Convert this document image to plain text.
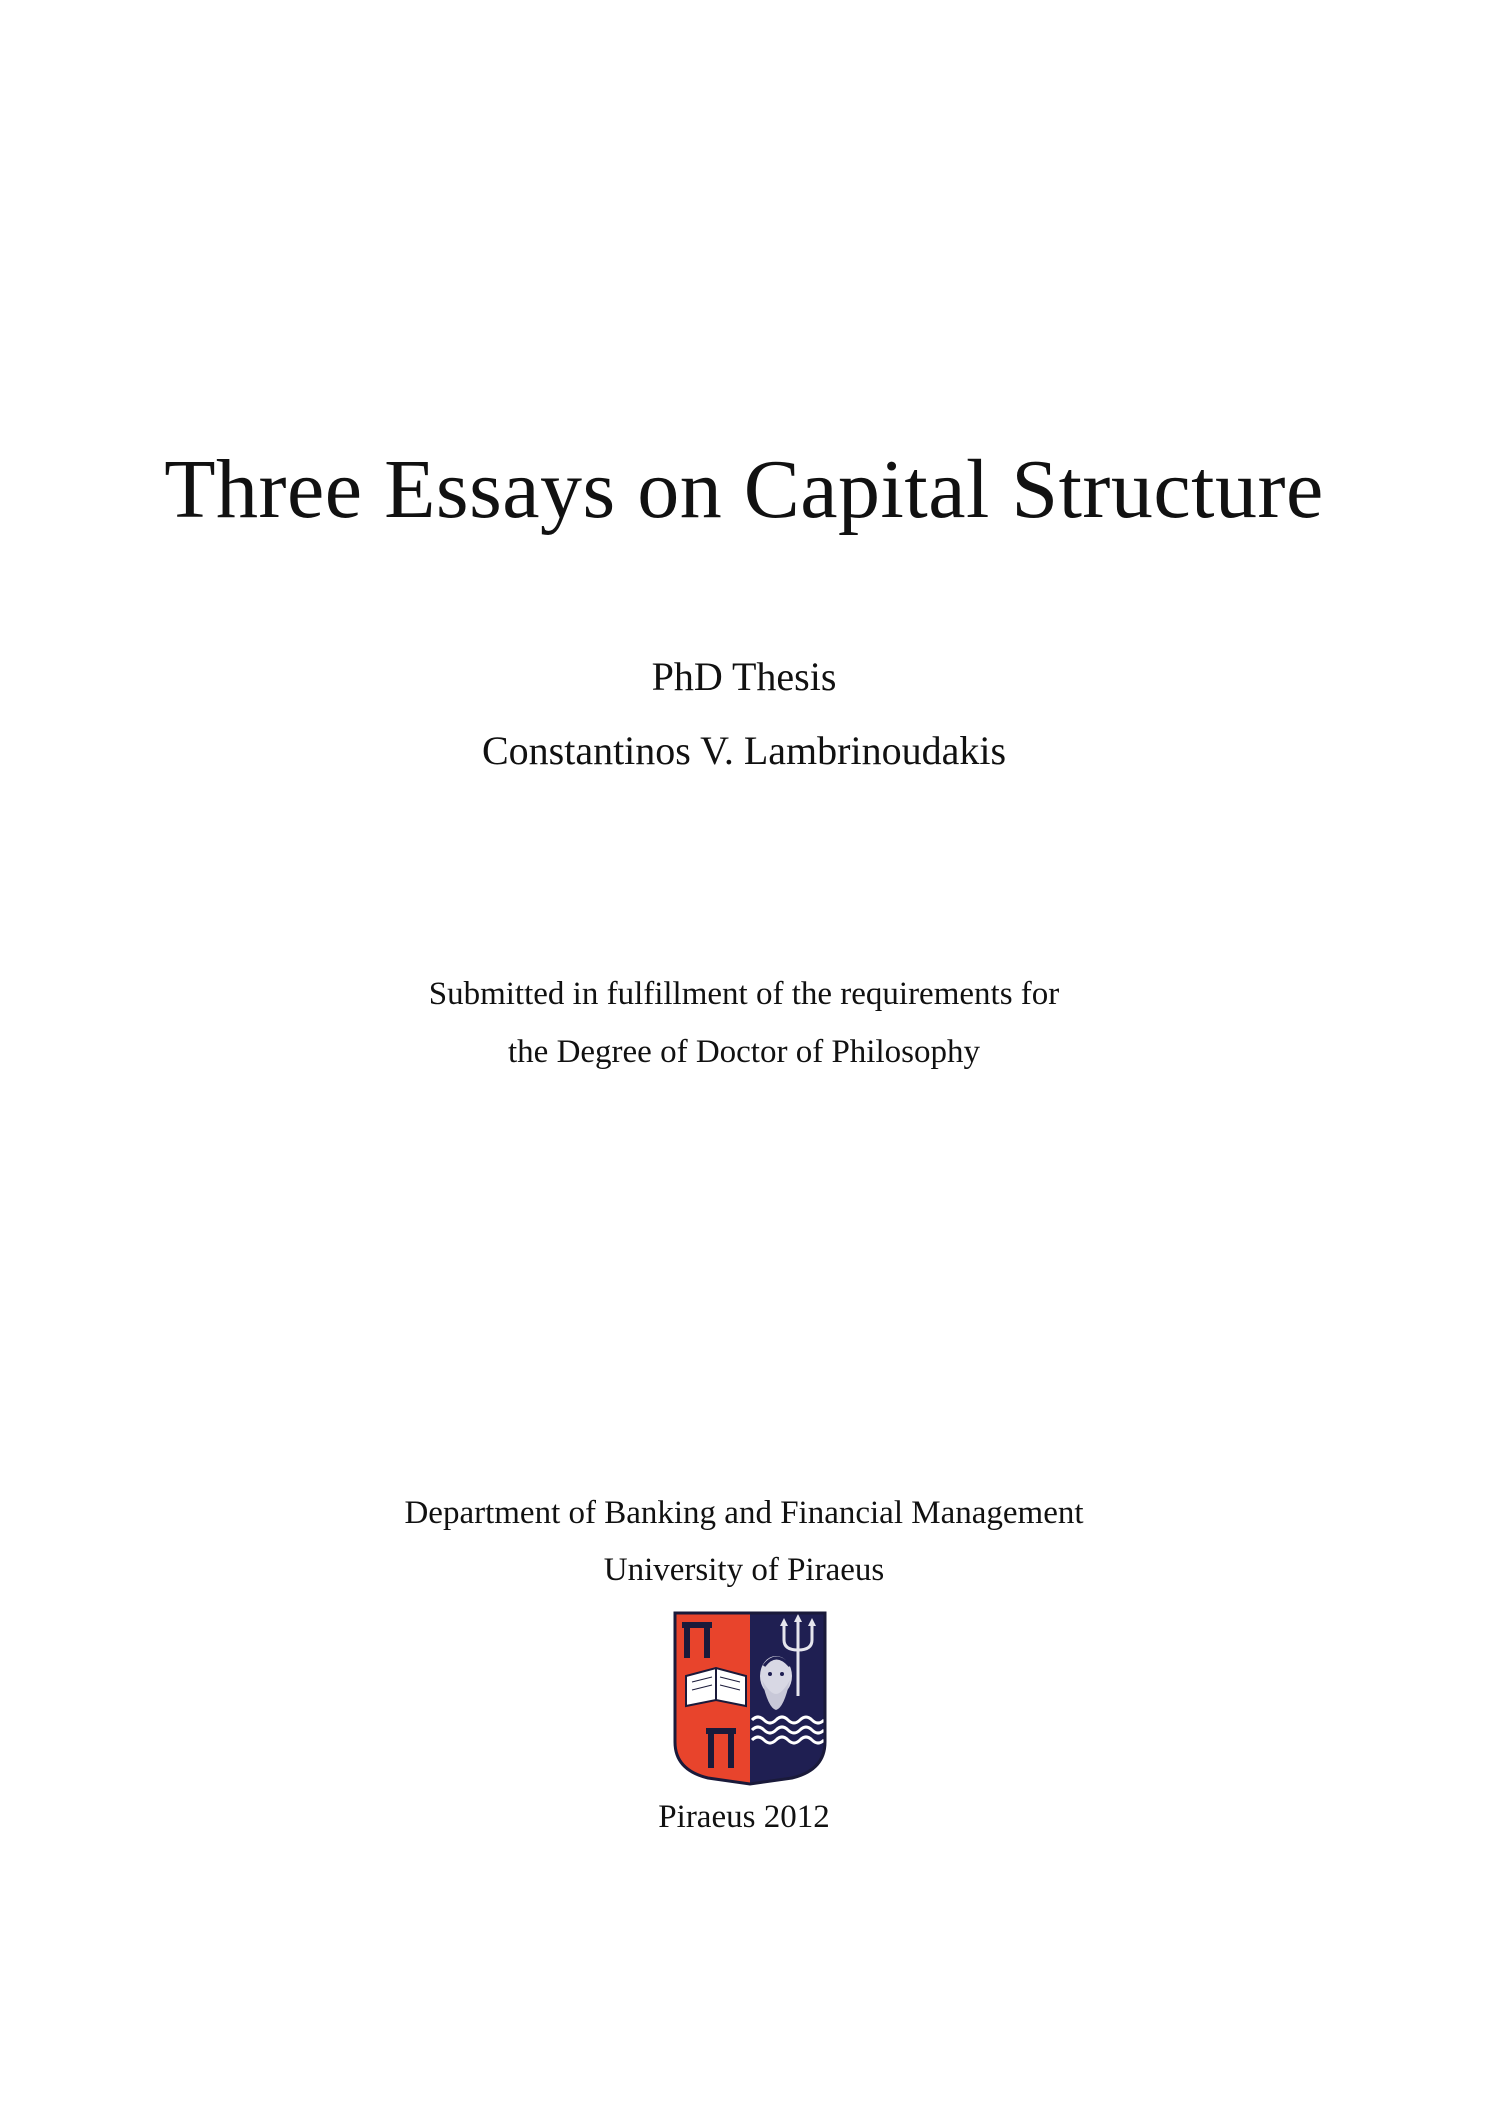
Three Essays on Capital Structure
PhD Thesis
Constantinos V. Lambrinoudakis
Submitted in fulfillment of the requirements for
the Degree of Doctor of Philosophy
Department of Banking and Financial Management
University of Piraeus
Piraeus 2012
